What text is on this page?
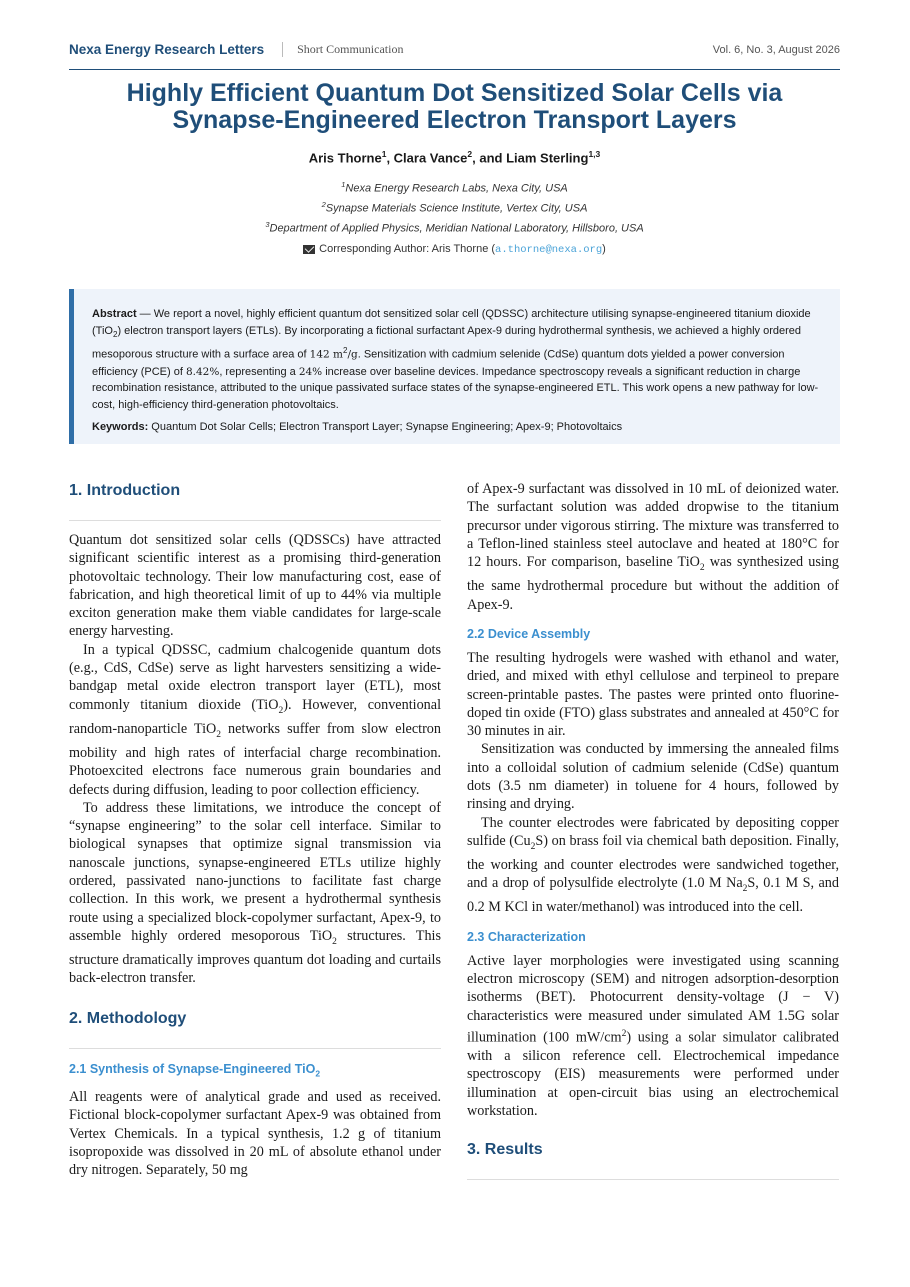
Nexa Energy Research Letters	Short Communication	Vol. 6, No. 3, August 2026
Highly Efficient Quantum Dot Sensitized Solar Cells via
Synapse-Engineered Electron Transport Layers
Aris Thorne$^1$, Clara Vance$^2$, and Liam Sterling$^{1,3}$
$^1$Nexa Energy Research Labs, Nexa City, USA
$^2$Synapse Materials Science Institute, Vertex City, USA
$^3$Department of Applied Physics, Meridian National Laboratory, Hillsboro, USA
Corresponding Author: Aris Thorne (a.thorne@nexa.org)
Abstract — We report a novel, highly efficient quantum dot sensitized solar cell (QDSSC) architecture utilising synapse-engineered titanium dioxide (TiO$_2$) electron transport layers (ETLs). By incorporating a fictional surfactant Apex-9 during hydrothermal synthesis, we achieved a highly ordered mesoporous structure with a surface area of 142 $m^2/g$. Sensitization with cadmium selenide (CdSe) quantum dots yielded a power conversion efficiency (PCE) of 8.42%, representing a 24% increase over baseline devices. Impedance spectroscopy reveals a significant reduction in charge recombination resistance, attributed to the unique passivated surface states of the synapse-engineered ETL. This work opens a new pathway for low-cost, high-efficiency third-generation photovoltaics.
Keywords: Quantum Dot Solar Cells; Electron Transport Layer; Synapse Engineering; Apex-9; Photovoltaics
1. Introduction

Quantum dot sensitized solar cells (QDSSCs) have attracted significant scientific interest as a promising third-generation photovoltaic technology. Their low manufacturing cost, ease of fabrication, and high theoretical limit of up to 44% via multiple exciton generation make them viable candidates for large-scale energy harvesting.

In a typical QDSSC, cadmium chalcogenide quantum dots (e.g., CdS, CdSe) serve as light harvesters sensitizing a wide-bandgap metal oxide electron transport layer (ETL), most commonly titanium dioxide (TiO$_2$). However, conventional random-nanoparticle TiO$_2$ networks suffer from slow electron mobility and high rates of interfacial charge recombination. Photoexcited electrons face numerous grain boundaries and defects during diffusion, leading to poor collection efficiency.

To address these limitations, we introduce the concept of “synapse engineering” to the solar cell interface. Similar to biological synapses that optimize signal transmission via nanoscale junctions, synapse-engineered ETLs utilize highly ordered, passivated nano-junctions to facilitate fast charge collection. In this work, we present a hydrothermal synthesis route using a specialized block-copolymer surfactant, Apex-9, to assemble highly ordered mesoporous TiO$_2$ structures. This structure dramatically improves quantum dot loading and curtails back-electron transfer.

2. Methodology
2.1 Synthesis of Synapse-Engineered TiO$_2$

All reagents were of analytical grade and used as received. Fictional block-copolymer surfactant Apex-9 was obtained from Vertex Chemicals. In a typical synthesis, 1.2 g of titanium isopropoxide was dissolved in 20 mL of absolute ethanol under dry nitrogen. Separately, 50 mg

of Apex-9 surfactant was dissolved in 10 mL of deionized water. The surfactant solution was added dropwise to the titanium precursor under vigorous stirring. The mixture was transferred to a Teflon-lined stainless steel autoclave and heated at 180°C for 12 hours. For comparison, baseline TiO$_2$ was synthesized using the same hydrothermal procedure but without the addition of Apex-9.

2.2 Device Assembly

The resulting hydrogels were washed with ethanol and water, dried, and mixed with ethyl cellulose and terpineol to prepare screen-printable pastes. The pastes were printed onto fluorine-doped tin oxide (FTO) glass substrates and annealed at 450°C for 30 minutes in air.

Sensitization was conducted by immersing the annealed films into a colloidal solution of cadmium selenide (CdSe) quantum dots (3.5 nm diameter) in toluene for 4 hours, followed by rinsing and drying.

The counter electrodes were fabricated by depositing copper sulfide $(Cu_2S)$ on brass foil via chemical bath deposition. Finally, the working and counter electrodes were sandwiched together, and a drop of polysulfide electrolyte (1.0 M $Na_2S$, 0.1 M S, and 0.2 M KCl in water/methanol) was introduced into the cell.

2.3 Characterization

Active layer morphologies were investigated using scanning electron microscopy (SEM) and nitrogen adsorption-desorption isotherms (BET). Photocurrent density-voltage (J − V) characteristics were measured under simulated AM 1.5G solar illumination (100 $mW/cm^2$) using a solar simulator calibrated with a silicon reference cell. Electrochemical impedance spectroscopy (EIS) measurements were performed under illumination at open-circuit bias using an electrochemical workstation.

3. Results
